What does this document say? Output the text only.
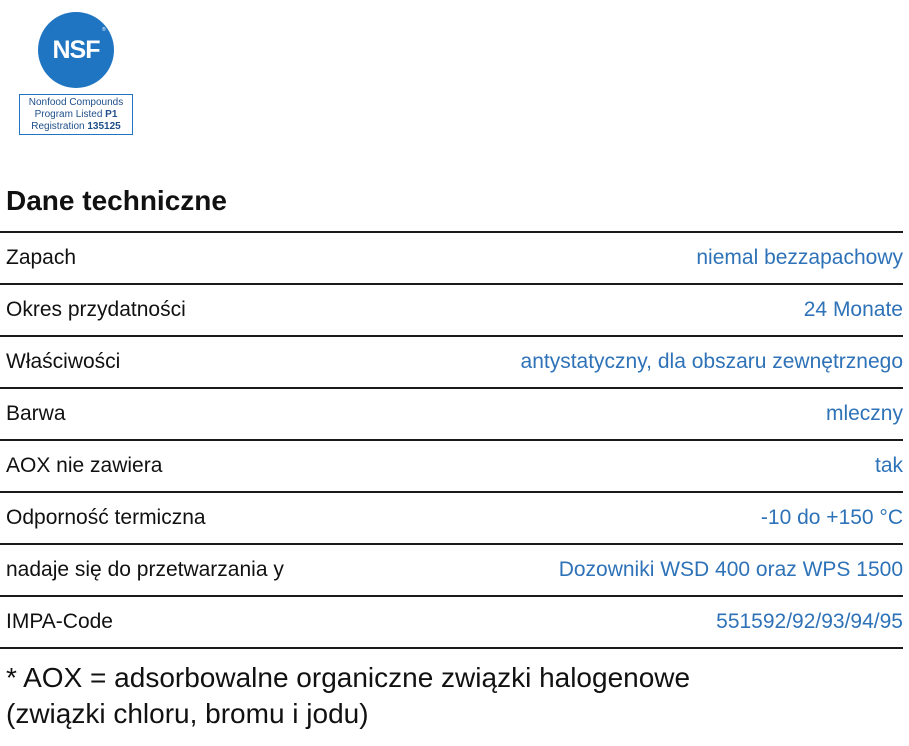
NSF
®
Nonfood Compounds
Program Listed P1
Registration 135125
Dane techniczne
Zapach	niemal bezzapachowy
Okres przydatności	24 Monate
Właściwości	antystatyczny, dla obszaru zewnętrznego
Barwa	mleczny
AOX nie zawiera	tak
Odporność termiczna	-10 do +150 °C
nadaje się do przetwarzania y	Dozowniki WSD 400 oraz WPS 1500
IMPA-Code	551592/92/93/94/95
* AOX = adsorbowalne organiczne związki halogenowe
(związki chloru, bromu i jodu)
